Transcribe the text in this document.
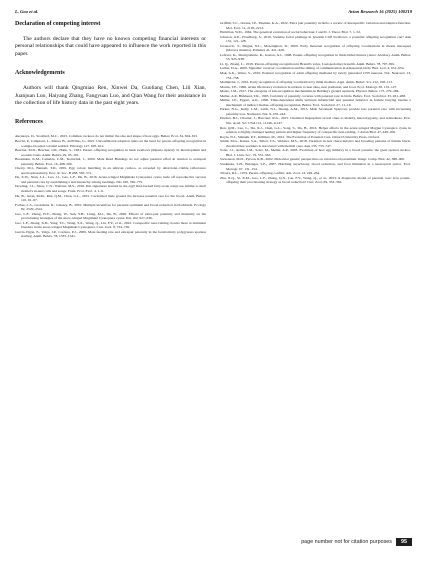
L. Gao et al.	Avian Research 16 (2025) 100218
Declaration of competing interest

The authors declare that they have no known competing financial interests or personal relationships that could have appeared to influence the work reported in this paper.

Acknowledgements

Authors will thank Qingmiao Ren, Xinwei Da, Guoliang Chen, Lili Xian, Juanjuan Luo, Haiyang Zhang, Fangyuan Luo, and Qian Wang for their assistance in the collection of life history data in the past eight years.

References
Akçakaya, D., Stoddard, M.C., 2023. Common cuckoos do not mimic the size and shape of host eggs. Behav. Ecol. 34, 604–615.
Becchi, P., Campioni, L., Massa, B., dell'Omo, G., 2021. Unconditional adoption rules out the need for parent–offspring recognition in a single-brooded colonial seabird. Ethology 127, 605–612.
Beecher, M.D., Beecher, I.M., Hahn, S., 1981. Parent–offspring recognition in bank swallows (Riparia riparia): II. Development and acoustic basis. Anim. Behav. 29, 95–101.
Boesmann, K.M., Lamelza, C.M., Kotrschal, J., 2000. Male Reed Buntings do not adjust parental effort in relation to extrapair paternity. Behav. Ecol. 16, 498–506.
Cherry, M.I., Bennett, T.D., 2001. Egg colour matching in an African cuckoo, as revealed by ultraviolet–visible reflectance spectrophotometry. Proc. R. Soc. B 268, 565–571.
Da, X.W., Xian, L.L., Luo, J.J., Gao, L.F., Du, B., 2016. Acute-winged Mugimaki Cyanoptera cyana trade off reproductive success and parental care by establishing a size hierarchy among nestlings. Ibis 160, 766–775.
Dowling, J.L., Shaw, C.N., Webster, M.S., 2016. Kin signatures learned in the egg? Red-backed fairy-wren songs are similar to their mother's in-nest calls and songs. Front. Ecol. Evol. 4, 1–9.
Du, B., Guan, M.M., Ren, Q.M., Chen, G.L., 2015. Cuckolded male ground tits increase parental care for the brood. Anim. Behav. 110, 61–67.
Forbes, L.S., Grosshans, R., Glassey, B., 2001. Multiple incentives for parental optimism and brood reduction in blackbirds. Ecology 82, 2529–2541.
Gao, L.F., Zhang, H.Y., Zhang, W., Sun, Y.H., Liang, M.J., Du, B., 2020. Effects of extra-pair paternity and maternity on the provisioning strategies of the snow-winged Mugimaki Cyanoptera cyana. Ibis 162, 627–636.
Gao, L.F., Zhang, X.D., Yang, T.C., Wang, S.X., Wang, Q., Liu, F.Y., et al., 2022. Conspecific nest-visiting clowns more at dominant breeders in the snow-winged Mugimaki Cyanoptera. Curr. Zool. 8, 724–736.
García-Vigón, E., Veiga, J.P., Cordero, P.J., 2009. Male feeding rate and extrapair paternity in the facultatively polygynous spotless starling. Anim. Behav. 78, 1335–1341.
Griffith, S.C., Owens, I.P., Thuman, K.A., 2022. Extra pair paternity in birds: a review of interspecific variation and adaptive function. Mol. Ecol. 11, 2195–2212.
Hamilton, W.D., 1964. The genetical evolution of social behaviour. I and II. J. Theor. Biol. 7, 1–52.
Johnson, A.E., Freedberg, S., 2019. Variable facial plumage in juvenile Cliff Swallows: a potential offspring recognition cue? Auk 131, 121–128.
Jovanovic, T., Megna, N.L., Mosenigbert, D., 2000. Early maternal recognition of offspring vocalizations in rhesus macaques (Macaca mulatta). Primates 41, 421–428.
Lefevre, K., Montgomerie, R., Gaston, A.J., 1998. Parent–offspring recognition in thick-billed murres (Aves: Alcidae). Anim. Behav. 55, 925–938.
Li, Q., Zhang, L., 2019. Parent–offspring recognition in Brandt's voles, Lasiopodomys brandtii. Anim. Behav. 78, 797–801.
Luther, D.A., 2009. Signaller: receiver coordination and the timing of communication in Amazonian birds. Biol. Lett. 4, 651–654.
Mak, G.K., Weiss, S., 2010. Paternal recognition of adult offspring mediated by newly generated CNS neurons. Nat. Neurosci. 13, 753–758.
Malmkvist, J., 2016. Early recognition of offspring vocalization by mink mothers. Appl. Anim. Behav. Sci. 212, 108–113.
Martín, T.E., 1996. Avian life history evolution in relation to nest sites, nest predation, and food. Ecol. Monogr. 65, 101–127.
Mateo, J.M., 2017. The ontogeny of kin-recognition mechanisms in Belding's ground squirrels. Physiol. Behav. 173, 279–284.
Møller, A.P., Birkhead, T.R., 1993. Certainty of paternity covaries with paternal care in birds. Behav. Ecol. Sociobiol. 33, 261–268.
Müller, J.E., Eggert, A.K., 1990. Time-dependent shifts between infanticidal and parental behavior in female burying beetles a mechanism of indirect mother–offspring recognition. Behav. Ecol. Sociobiol. 27, 11–16.
Parker, N.G., Kelly, L.M., Leith, N.J., Duong, A.M., 2013. Male Savannah Sparrows provide less parental care with increasing paternity loss. Northeast. Nat. 9, 235–244.
Pinchet, B.J., Chartier, J., Harcourt, R.G., 2015. Chemical fingerprints reveal clues to identity, heterozygosity, and relatedness. Proc. Nat. Acad. Sci. USA 112, 11146–11147.
Ren, Q.M., Luo, L., Du, X.J., Chen, G.L., Song, S., Du, B., 2016. Helper effects in the azure-winged Magpie Cyanopica cyana in relation to highly-clumped nesting pattern and higher frequency of conspecific nest-raiding. J. Avian Biol. 47, 449–456.
Royle, N.J., Smiseth, P.T., Kölliker, M., 2012. The Evolution of Parental Care. Oxford University Press, Oxford.
Smith, M.G., Kaiser, S.A., Sillett, T.S., Webster, M.S., 2018. Variation in nest characteristics and brooding patterns of female black-throated blue warblers is associated with thermal cues. Auk 135, 733–747.
Soler, J.J., Avilés, J.M., Soler, M., Møller, A.P., 2003. Evolution of host egg mimicry in a brood parasite, the great spotted cuckoo. Biol. J. Linn. Soc. 79, 551–563.
Stevenson, M.D., Pyrson, R.B., 2002. Molecular genetic perspectives on avian brood parasitism. Integr. Comp. Biol. 42, 388–400.
Studnieks, S.H., Belanger, S.E., 2007. Hatching asynchrony, brood reduction, and food limitation in a neotropical parrot. Ecol. Monogr. 67, 131–154.
Trivers, R.L., 1974. Parent–offspring conflict. Am. Zool. 14, 249–264.
Zhu, X.Q., Si, X.M., Gao, L.F., Zhang, Q.X., Liu, F.Y., Wang, Q., et al., 2023. A diagnostic model of parental care: how parent–offspring their provisioning strategy as brood reduction? Curr. Zool. 69, 353–362.
page number not for citation purposes	95
